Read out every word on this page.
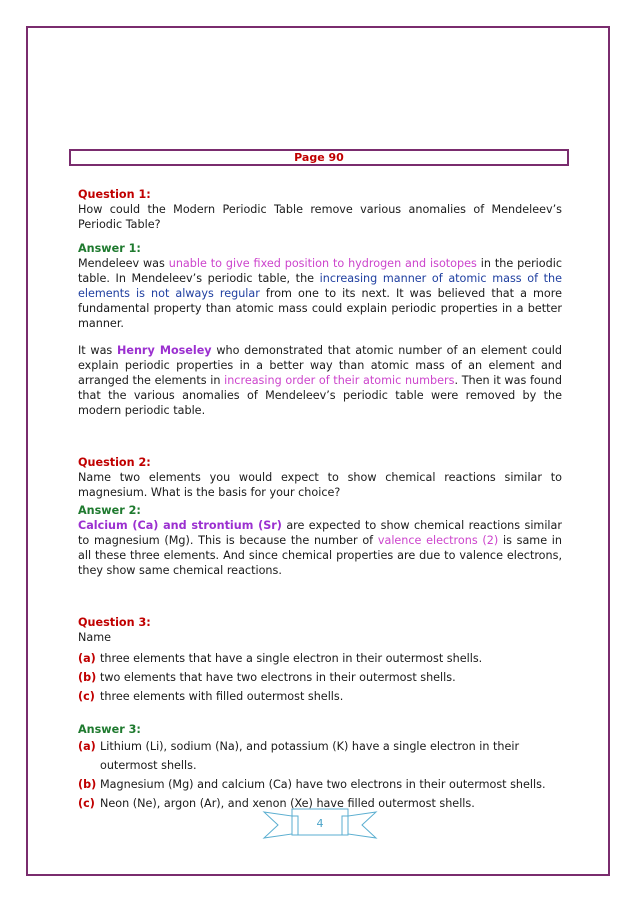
Page 90
Question 1:

How could the Modern Periodic Table remove various anomalies of Mendeleev’s Periodic Table?

Answer 1:

Mendeleev was unable to give fixed position to hydrogen and isotopes in the periodic table. In Mendeleev’s periodic table, the increasing manner of atomic mass of the elements is not always regular from one to its next. It was believed that a more fundamental property than atomic mass could explain periodic properties in a better manner.

It was Henry Moseley who demonstrated that atomic number of an element could explain periodic properties in a better way than atomic mass of an element and arranged the elements in increasing order of their atomic numbers. Then it was found that the various anomalies of Mendeleev’s periodic table were removed by the modern periodic table.

Question 2:

Name two elements you would expect to show chemical reactions similar to magnesium. What is the basis for your choice?

Answer 2:

Calcium (Ca) and strontium (Sr) are expected to show chemical reactions similar to magnesium (Mg). This is because the number of valence electrons (2) is same in all these three elements. And since chemical properties are due to valence electrons, they show same chemical reactions.

Question 3:
Name
(a) three elements that have a single electron in their outermost shells.
(b) two elements that have two electrons in their outermost shells.
(c) three elements with filled outermost shells.
Answer 3:
(a) Lithium (Li), sodium (Na), and potassium (K) have a single electron in their outermost shells.
(b) Magnesium (Mg) and calcium (Ca) have two electrons in their outermost shells.
(c) Neon (Ne), argon (Ar), and xenon (Xe) have filled outermost shells.
4
